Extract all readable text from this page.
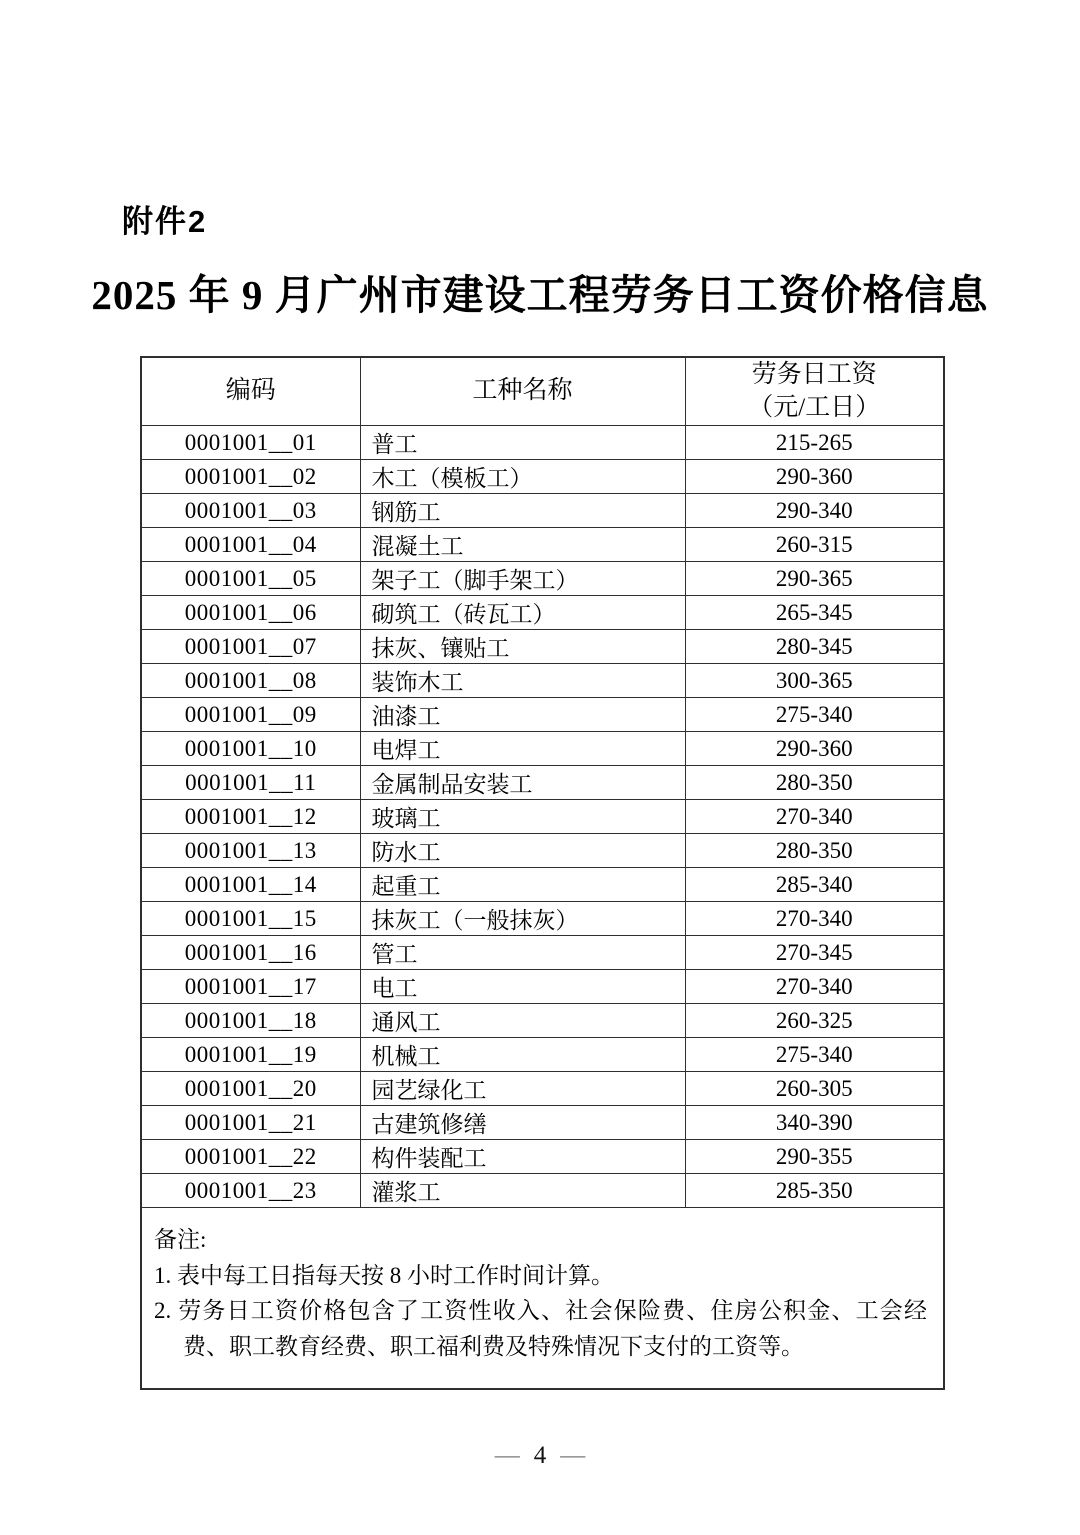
附件2
2025 年 9 月广州市建设工程劳务日工资价格信息
编码	工种名称	劳务日工资
（元/工日）

0001001__01	普工	215-265
0001001__02	木工（模板工）	290-360
0001001__03	钢筋工	290-340
0001001__04	混凝土工	260-315
0001001__05	架子工（脚手架工）	290-365
0001001__06	砌筑工（砖瓦工）	265-345
0001001__07	抹灰、镶贴工	280-345
0001001__08	装饰木工	300-365
0001001__09	油漆工	275-340
0001001__10	电焊工	290-360
0001001__11	金属制品安装工	280-350
0001001__12	玻璃工	270-340
0001001__13	防水工	280-350
0001001__14	起重工	285-340
0001001__15	抹灰工（一般抹灰）	270-340
0001001__16	管工	270-345
0001001__17	电工	270-340
0001001__18	通风工	260-325
0001001__19	机械工	275-340
0001001__20	园艺绿化工	260-305
0001001__21	古建筑修缮	340-390
0001001__22	构件装配工	290-355
0001001__23	灌浆工	285-350

备注:
1. 表中每工日指每天按 8 小时工作时间计算。
2. 劳务日工资价格包含了工资性收入、社会保险费、住房公积金、工会经费、职工教育经费、职工福利费及特殊情况下支付的工资等。		
— 4 —
